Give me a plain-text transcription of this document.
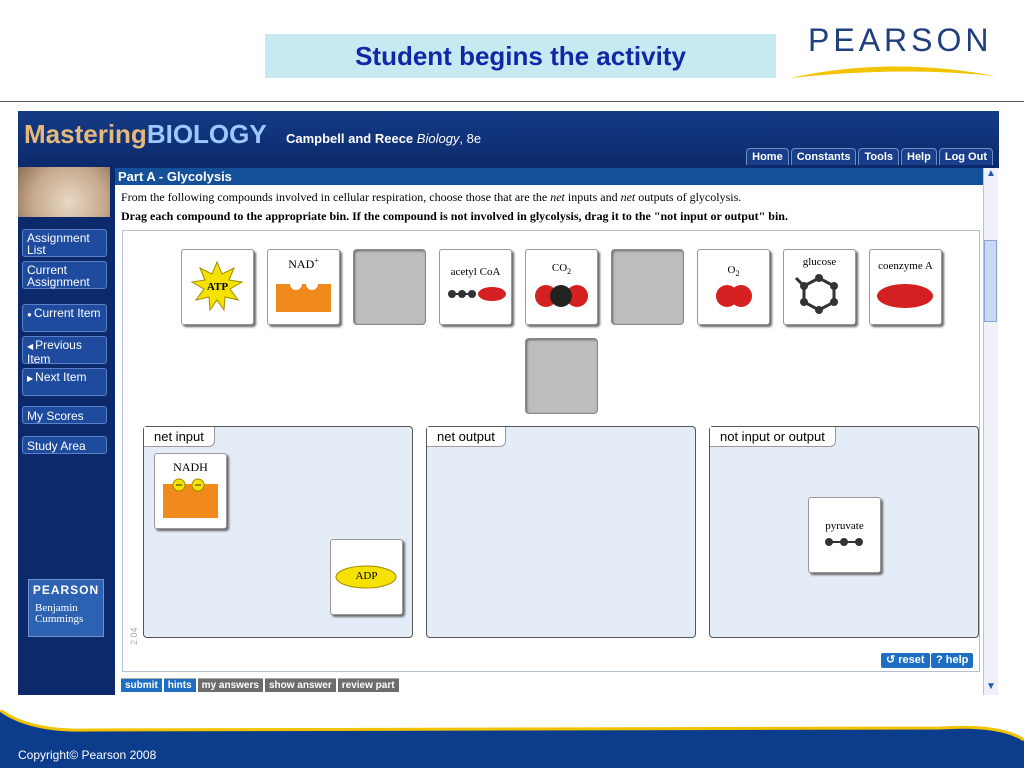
Student begins the activity	PEARSON
MasteringBIOLOGY Campbell and Reece Biology, 8e
Home	Constants	Tools	Help	Log Out
Assignment List
Current Assignment
● Current Item
◀ Previous Item
▶ Next Item
My Scores
Study Area
PEARSON
Benjamin
Cummings
Part A - Glycolysis
From the following compounds involved in cellular respiration, choose those that are the net inputs and net outputs of glycolysis.
Drag each compound to the appropriate bin. If the compound is not involved in glycolysis, drag it to the "not input or output" bin.
▲
▼
ATP
NAD+
acetyl CoA	$CO_2$	$O_2$
glucose	coenzyme A
net input
NADH
ADP
net output	not input or output
pyruvate
2.04
↺ reset	? help
submit	hints	my answers	show answer	review part
Copyright© Pearson 2008
